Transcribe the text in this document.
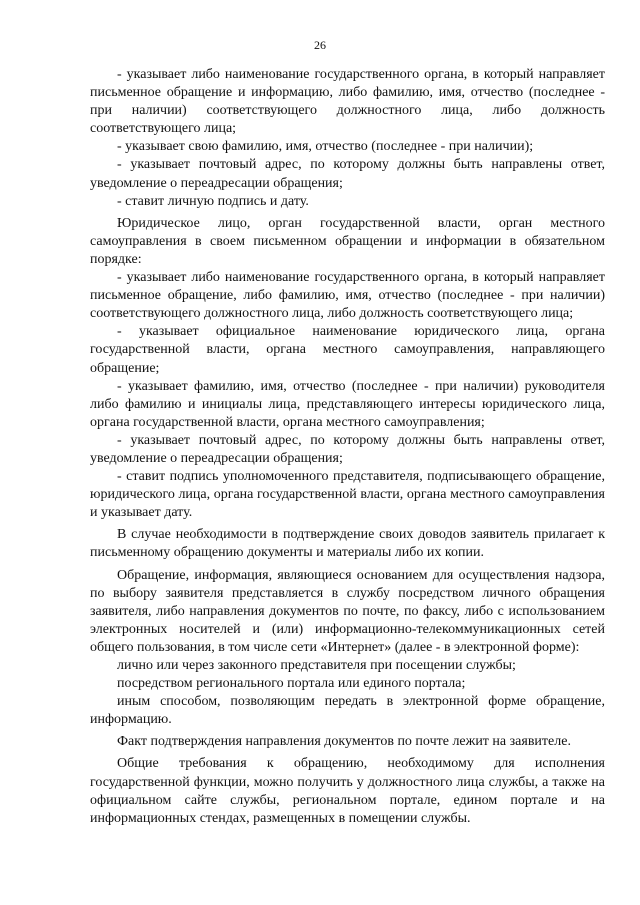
26

- указывает либо наименование государственного органа, в который направляет письменное обращение и информацию, либо фамилию, имя, отчество (последнее - при наличии) соответствующего должностного лица, либо должность соответствующего лица;

- указывает свою фамилию, имя, отчество (последнее - при наличии);

- указывает почтовый адрес, по которому должны быть направлены ответ, уведомление о переадресации обращения;

- ставит личную подпись и дату.

Юридическое лицо, орган государственной власти, орган местного самоуправления в своем письменном обращении и информации в обязательном порядке:

- указывает либо наименование государственного органа, в который направляет письменное обращение, либо фамилию, имя, отчество (последнее - при наличии) соответствующего должностного лица, либо должность соответствующего лица;

- указывает официальное наименование юридического лица, органа государственной власти, органа местного самоуправления, направляющего обращение;

- указывает фамилию, имя, отчество (последнее - при наличии) руководителя либо фамилию и инициалы лица, представляющего интересы юридического лица, органа государственной власти, органа местного самоуправления;

- указывает почтовый адрес, по которому должны быть направлены ответ, уведомление о переадресации обращения;

- ставит подпись уполномоченного представителя, подписывающего обращение, юридического лица, органа государственной власти, органа местного самоуправления и указывает дату.

В случае необходимости в подтверждение своих доводов заявитель прилагает к письменному обращению документы и материалы либо их копии.

Обращение, информация, являющиеся основанием для осуществления надзора, по выбору заявителя представляется в службу посредством личного обращения заявителя, либо направления документов по почте, по факсу, либо с использованием электронных носителей и (или) информационно-телекоммуникационных сетей общего пользования, в том числе сети «Интернет» (далее - в электронной форме):

лично или через законного представителя при посещении службы;

посредством регионального портала или единого портала;

иным способом, позволяющим передать в электронной форме обращение, информацию.

Факт подтверждения направления документов по почте лежит на заявителе.

Общие требования к обращению, необходимому для исполнения государственной функции, можно получить у должностного лица службы, а также на официальном сайте службы, региональном портале, едином портале и на информационных стендах, размещенных в помещении службы.
